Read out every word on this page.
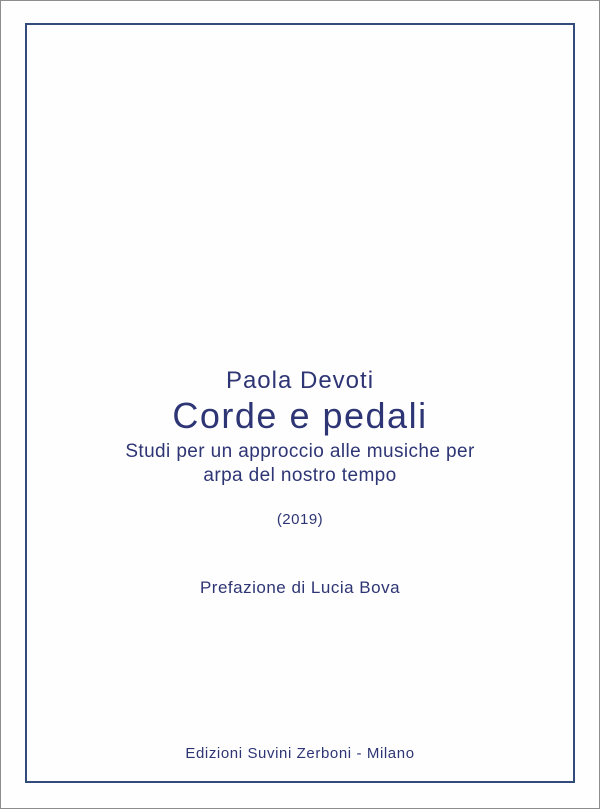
Paola Devoti
Corde e pedali
Studi per un approccio alle musiche per
arpa del nostro tempo
(2019)
Prefazione di Lucia Bova
Edizioni Suvini Zerboni - Milano
